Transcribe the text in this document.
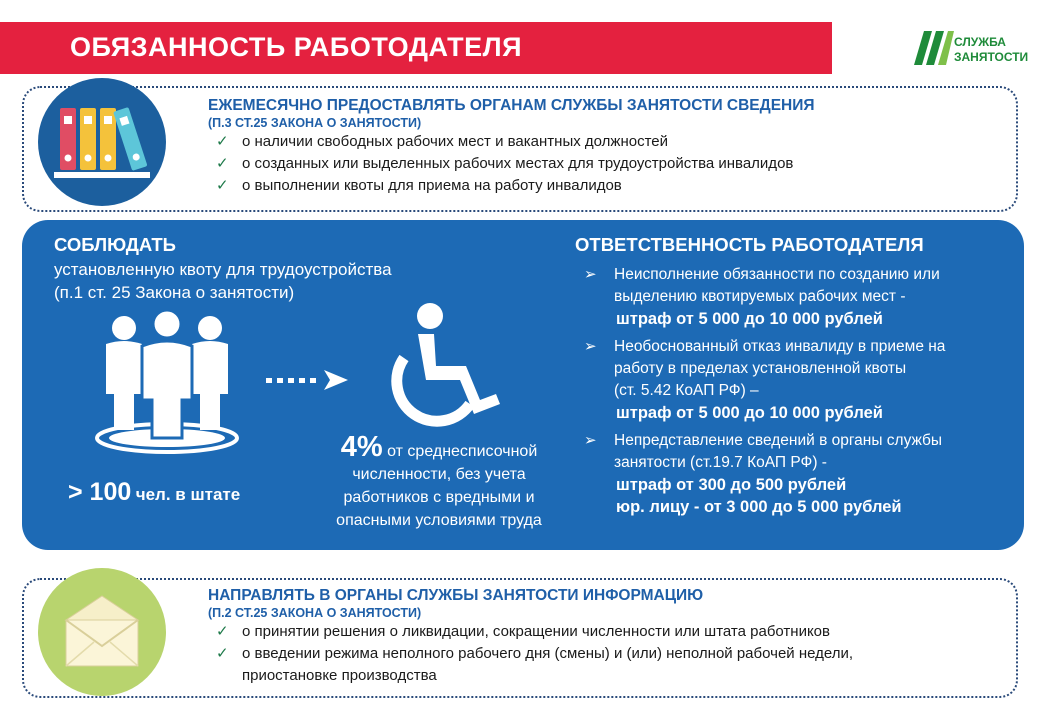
ОБЯЗАННОСТЬ РАБОТОДАТЕЛЯ	СЛУЖБА
ЗАНЯТОСТИ
ЕЖЕМЕСЯЧНО ПРЕДОСТАВЛЯТЬ ОРГАНАМ СЛУЖБЫ ЗАНЯТОСТИ СВЕДЕНИЯ
(П.3 СТ.25 ЗАКОНА О ЗАНЯТОСТИ)
✓ о наличии свободных рабочих мест и вакантных должностей
✓ о созданных или выделенных рабочих местах для трудоустройства инвалидов
✓ о выполнении квоты для приема на работу инвалидов
СОБЛЮДАТЬ
установленную квоту для трудоустройства
(п.1 ст. 25 Закона о занятости)
> 100 чел. в штате
4% от среднесписочной
численности, без учета
работников с вредными и
опасными условиями труда
ОТВЕТСТВЕННОСТЬ РАБОТОДАТЕЛЯ
➢ Неисполнение обязанности по созданию или
выделению квотируемых рабочих мест -
штраф от 5 000 до 10 000 рублей
➢ Необоснованный отказ инвалиду в приеме на
работу в пределах установленной квоты
(ст. 5.42 КоАП РФ) –
штраф от 5 000 до 10 000 рублей
➢ Непредставление сведений в органы службы
занятости (ст.19.7 КоАП РФ) -
штраф от 300 до 500 рублей
юр. лицу - от 3 000 до 5 000 рублей
НАПРАВЛЯТЬ В ОРГАНЫ СЛУЖБЫ ЗАНЯТОСТИ ИНФОРМАЦИЮ
(П.2 СТ.25 ЗАКОНА О ЗАНЯТОСТИ)
✓ о принятии решения о ликвидации, сокращении численности или штата работников
✓ о введении режима неполного рабочего дня (смены) и (или) неполной рабочей недели,
приостановке производства
